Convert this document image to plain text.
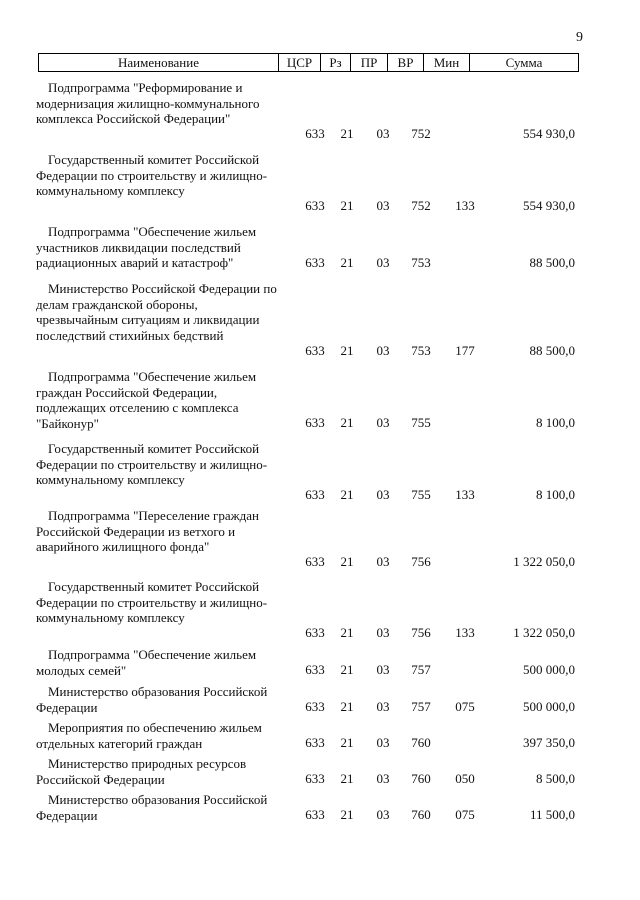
9
Наименование	ЦСР	Рз	ПР	ВР	Мин	Сумма
Подпрограмма "Реформирование и модернизация жилищно-коммунального комплекса Российской Федерации"
633 21 03 752	554 930,0
Государственный комитет Российской Федерации по строительству и жилищно-коммунальному комплексу
633 21 03 752 133	554 930,0
Подпрограмма "Обеспечение жильем участников ликвидации последствий радиационных аварий и катастроф"	633 21 03 753	88 500,0
Министерство Российской Федерации по делам гражданской обороны, чрезвычайным ситуациям и ликвидации последствий стихийных бедствий
633 21 03 753 177	88 500,0
Подпрограмма "Обеспечение жильем граждан Российской Федерации, подлежащих отселению с комплекса "Байконур"	633 21 03 755	8 100,0
Государственный комитет Российской Федерации по строительству и жилищно-коммунальному комплексу
633 21 03 755 133	8 100,0
Подпрограмма "Переселение граждан Российской Федерации из ветхого и аварийного жилищного фонда"
633 21 03 756	1 322 050,0
Государственный комитет Российской Федерации по строительству и жилищно-коммунальному комплексу
633 21 03 756 133	1 322 050,0
Подпрограмма "Обеспечение жильем молодых семей"	633 21 03 757	500 000,0
Министерство образования Российской Федерации	633 21 03 757 075	500 000,0
Мероприятия по обеспечению жильем отдельных категорий граждан	633 21 03 760	397 350,0
Министерство природных ресурсов Российской Федерации	633 21 03 760 050	8 500,0
Министерство образования Российской Федерации	633 21 03 760 075	11 500,0
